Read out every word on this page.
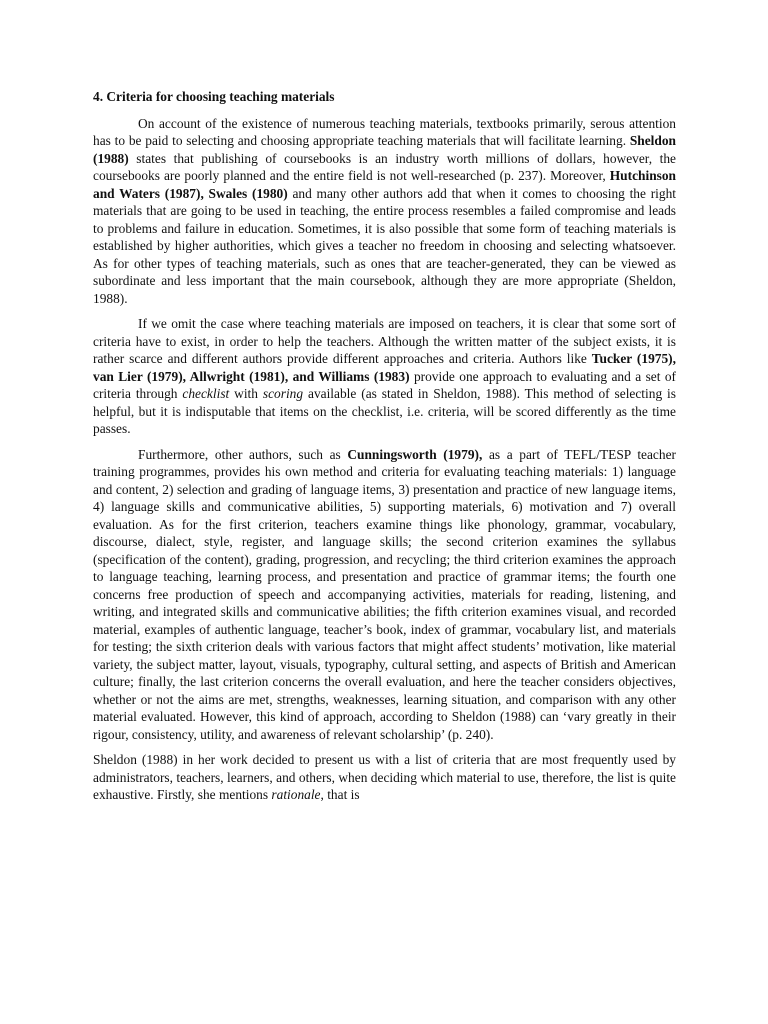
4. Criteria for choosing teaching materials

On account of the existence of numerous teaching materials, textbooks primarily, serous attention has to be paid to selecting and choosing appropriate teaching materials that will facilitate learning. Sheldon (1988) states that publishing of coursebooks is an industry worth millions of dollars, however, the coursebooks are poorly planned and the entire field is not well-researched (p. 237). Moreover, Hutchinson and Waters (1987), Swales (1980) and many other authors add that when it comes to choosing the right materials that are going to be used in teaching, the entire process resembles a failed compromise and leads to problems and failure in education. Sometimes, it is also possible that some form of teaching materials is established by higher authorities, which gives a teacher no freedom in choosing and selecting whatsoever. As for other types of teaching materials, such as ones that are teacher-generated, they can be viewed as subordinate and less important that the main coursebook, although they are more appropriate (Sheldon, 1988).

If we omit the case where teaching materials are imposed on teachers, it is clear that some sort of criteria have to exist, in order to help the teachers. Although the written matter of the subject exists, it is rather scarce and different authors provide different approaches and criteria. Authors like Tucker (1975), van Lier (1979), Allwright (1981), and Williams (1983) provide one approach to evaluating and a set of criteria through checklist with scoring available (as stated in Sheldon, 1988). This method of selecting is helpful, but it is indisputable that items on the checklist, i.e. criteria, will be scored differently as the time passes.

Furthermore, other authors, such as Cunningsworth (1979), as a part of TEFL/TESP teacher training programmes, provides his own method and criteria for evaluating teaching materials: 1) language and content, 2) selection and grading of language items, 3) presentation and practice of new language items, 4) language skills and communicative abilities, 5) supporting materials, 6) motivation and 7) overall evaluation. As for the first criterion, teachers examine things like phonology, grammar, vocabulary, discourse, dialect, style, register, and language skills; the second criterion examines the syllabus (specification of the content), grading, progression, and recycling; the third criterion examines the approach to language teaching, learning process, and presentation and practice of grammar items; the fourth one concerns free production of speech and accompanying activities, materials for reading, listening, and writing, and integrated skills and communicative abilities; the fifth criterion examines visual, and recorded material, examples of authentic language, teacher’s book, index of grammar, vocabulary list, and materials for testing; the sixth criterion deals with various factors that might affect students’ motivation, like material variety, the subject matter, layout, visuals, typography, cultural setting, and aspects of British and American culture; finally, the last criterion concerns the overall evaluation, and here the teacher considers objectives, whether or not the aims are met, strengths, weaknesses, learning situation, and comparison with any other material evaluated. However, this kind of approach, according to Sheldon (1988) can ‘vary greatly in their rigour, consistency, utility, and awareness of relevant scholarship’ (p. 240).

Sheldon (1988) in her work decided to present us with a list of criteria that are most frequently used by administrators, teachers, learners, and others, when deciding which material to use, therefore, the list is quite exhaustive. Firstly, she mentions rationale, that is
